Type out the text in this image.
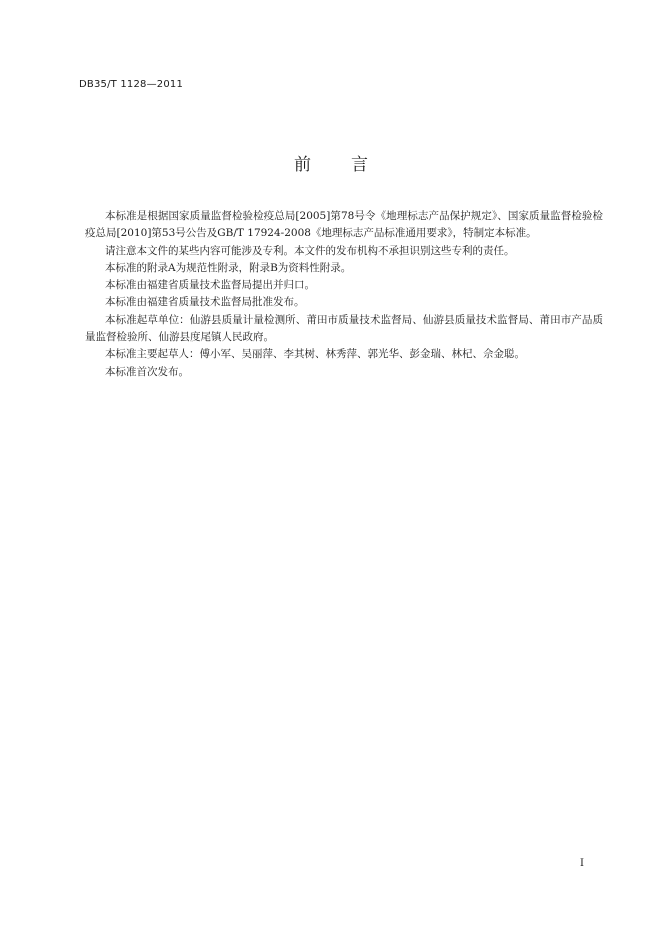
DB35/T 1128—2011
前 言

本标准是根据国家质量监督检验检疫总局[2005]第78号令《地理标志产品保护规定》、国家质量监督检验检疫总局[2010]第53号公告及GB/T 17924-2008《地理标志产品标准通用要求》，特制定本标准。

请注意本文件的某些内容可能涉及专利。本文件的发布机构不承担识别这些专利的责任。

本标准的附录A为规范性附录，附录B为资料性附录。

本标准由福建省质量技术监督局提出并归口。

本标准由福建省质量技术监督局批准发布。

本标准起草单位：仙游县质量计量检测所、莆田市质量技术监督局、仙游县质量技术监督局、莆田市产品质量监督检验所、仙游县度尾镇人民政府。

本标准主要起草人：傅小军、吴丽萍、李其树、林秀萍、郭光华、彭金瑞、林杞、佘金聪。

本标准首次发布。

I
